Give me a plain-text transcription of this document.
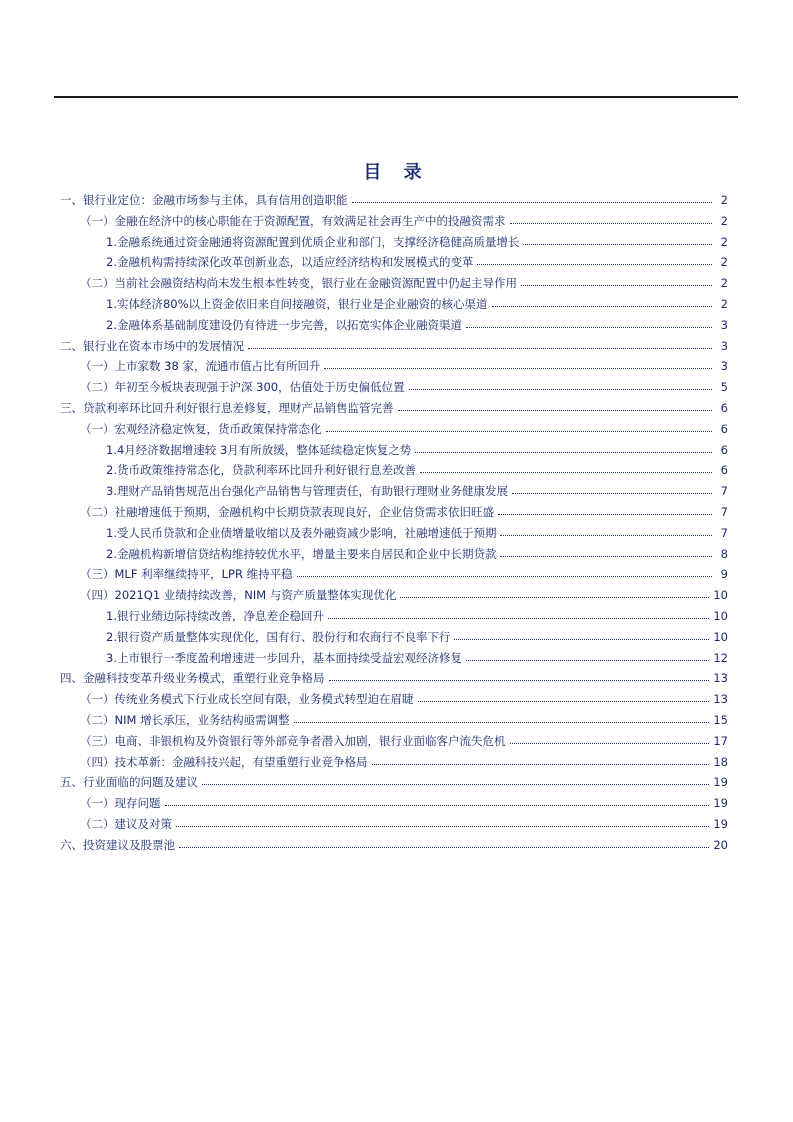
目 录
一、银行业定位：金融市场参与主体，具有信用创造职能	2
（一）金融在经济中的核心职能在于资源配置，有效满足社会再生产中的投融资需求	2
1.金融系统通过资金融通将资源配置到优质企业和部门，支撑经济稳健高质量增长	2
2.金融机构需持续深化改革创新业态，以适应经济结构和发展模式的变革	2
（二）当前社会融资结构尚未发生根本性转变，银行业在金融资源配置中仍起主导作用	2
1.实体经济80%以上资金依旧来自间接融资，银行业是企业融资的核心渠道	2
2.金融体系基础制度建设仍有待进一步完善，以拓宽实体企业融资渠道	3
二、银行业在资本市场中的发展情况	3
（一）上市家数 38 家，流通市值占比有所回升	3
（二）年初至今板块表现强于沪深 300，估值处于历史偏低位置	5
三、贷款利率环比回升利好银行息差修复，理财产品销售监管完善	6
（一）宏观经济稳定恢复，货币政策保持常态化	6
1.4月经济数据增速较 3月有所放缓，整体延续稳定恢复之势	6
2.货币政策维持常态化，贷款利率环比回升利好银行息差改善	6
3.理财产品销售规范出台强化产品销售与管理责任，有助银行理财业务健康发展	7
（二）社融增速低于预期，金融机构中长期贷款表现良好，企业信贷需求依旧旺盛	7
1.受人民币贷款和企业债增量收缩以及表外融资减少影响，社融增速低于预期	7
2.金融机构新增信贷结构维持较优水平，增量主要来自居民和企业中长期贷款	8
（三）MLF 利率继续持平，LPR 维持平稳	9
（四）2021Q1 业绩持续改善，NIM 与资产质量整体实现优化	10
1.银行业绩边际持续改善，净息差企稳回升	10
2.银行资产质量整体实现优化，国有行、股份行和农商行不良率下行	10
3.上市银行一季度盈利增速进一步回升，基本面持续受益宏观经济修复	12
四、金融科技变革升级业务模式，重塑行业竞争格局	13
（一）传统业务模式下行业成长空间有限，业务模式转型迫在眉睫	13
（二）NIM 增长承压，业务结构亟需调整	15
（三）电商、非银机构及外资银行等外部竞争者潜入加剧，银行业面临客户流失危机	17
（四）技术革新：金融科技兴起，有望重塑行业竞争格局	18
五、行业面临的问题及建议	19
（一）现存问题	19
（二）建议及对策	19
六、投资建议及股票池	20
